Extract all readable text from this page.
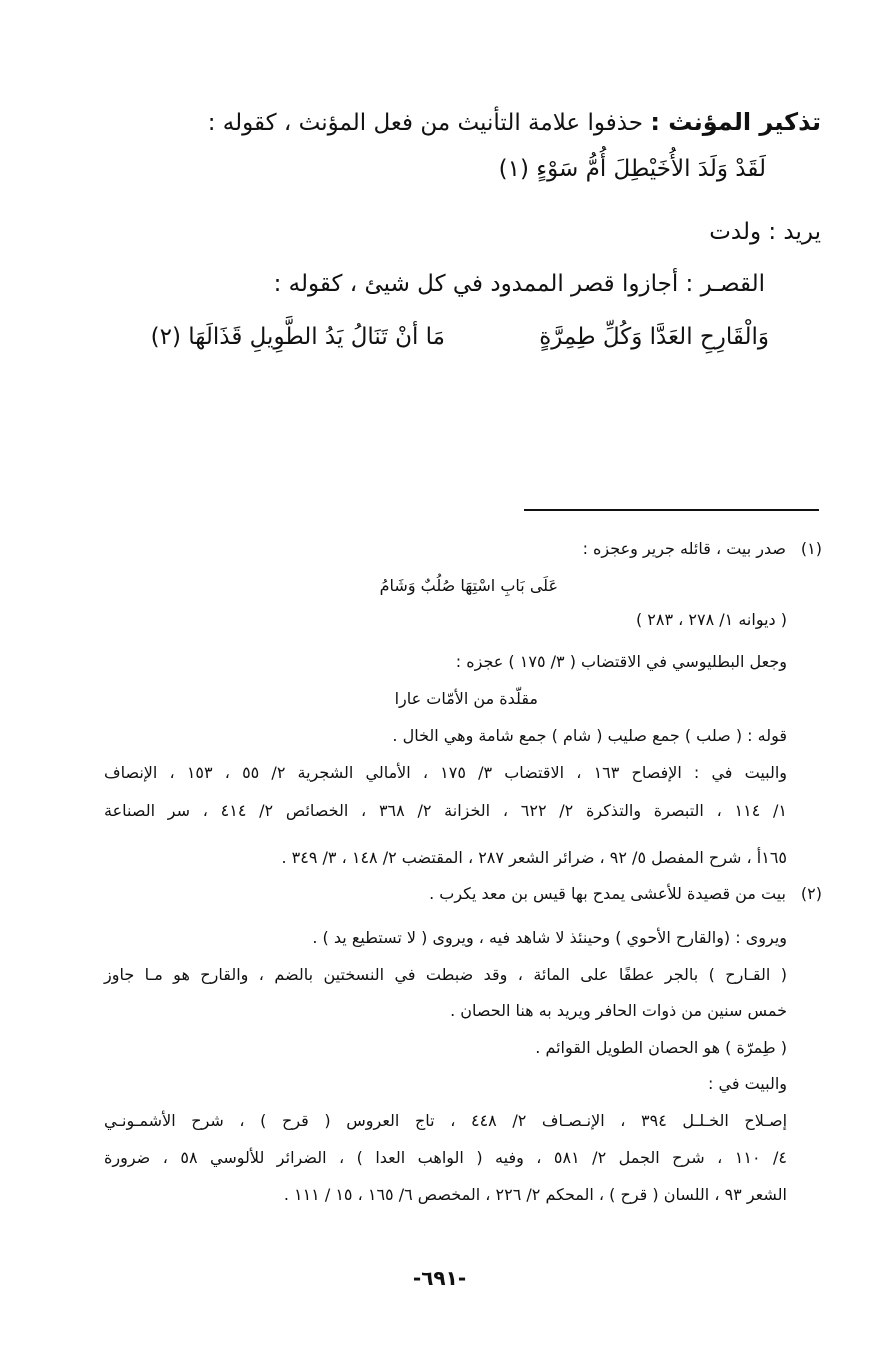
تذكير المؤنث : حذفوا علامة التأنيث من فعل المؤنث ، كقوله :
لَقَدْ وَلَدَ الأُخَيْطِلَ أُمُّ سَوْءٍ (١)
يريد : ولدت
القصـر : أجازوا قصر الممدود في كل شيئ ، كقوله :
وَالْقَارِحِ العَدَّا وَكُلِّ طِمِرَّةٍ
مَا أنْ تَنَالُ يَدُ الطَّوِيلِ قَذَالَهَا (٢)
(١)
صدر بيت ، قائله جرير وعجزه :
عَلَى بَابِ اسْتِهَا صُلُبٌ وَشَامُ
( ديوانه ١/ ٢٧٨ ، ٢٨٣ )
وجعل البطليوسي في الاقتضاب ( ٣/ ١٧٥ ) عجزه :
مقلّدة من الأمّات عارا
قوله : ( صلب ) جمع صليب ( شام ) جمع شامة وهي الخال .
والبيت في : الإفصاح ١٦٣ ، الاقتضاب ٣/ ١٧٥ ، الأمالي الشجرية ٢/ ٥٥ ، ١٥٣ ، الإنصاف
١/ ١١٤ ، التبصرة والتذكرة ٢/ ٦٢٢ ، الخزانة ٢/ ٣٦٨ ، الخصائص ٢/ ٤١٤ ، سر الصناعة
١٦٥أ ، شرح المفصل ٥/ ٩٢ ، ضرائر الشعر ٢٨٧ ، المقتضب ٢/ ١٤٨ ، ٣/ ٣٤٩ .
(٢)
بيت من قصيدة للأعشى يمدح بها قيس بن معد يكرب .
ويروى : (والقارح الأحوي ) وحينئذ لا شاهد فيه ، ويروى ( لا تستطيع يد ) .
( القـارح ) بالجر عطفًا على المائة ، وقد ضبطت في النسختين بالضم ، والقارح هو مـا جاوز
خمس سنين من ذوات الحافر ويريد به هنا الحصان .
( طِمرّة ) هو الحصان الطويل القوائم .
والبيت في :
إصـلاح الخـلـل ٣٩٤ ، الإنـصـاف ٢/ ٤٤٨ ، تاج العروس ( قرح ) ، شرح الأشمـونـي
٤/ ١١٠ ، شرح الجمل ٢/ ٥٨١ ، وفيه ( الواهب العدا ) ، الضرائر للألوسي ٥٨ ، ضرورة
الشعر ٩٣ ، اللسان ( قرح ) ، المحكم ٢/ ٢٢٦ ، المخصص ٦/ ١٦٥ ، ١٥ / ١١١ .
-٦٩١-
